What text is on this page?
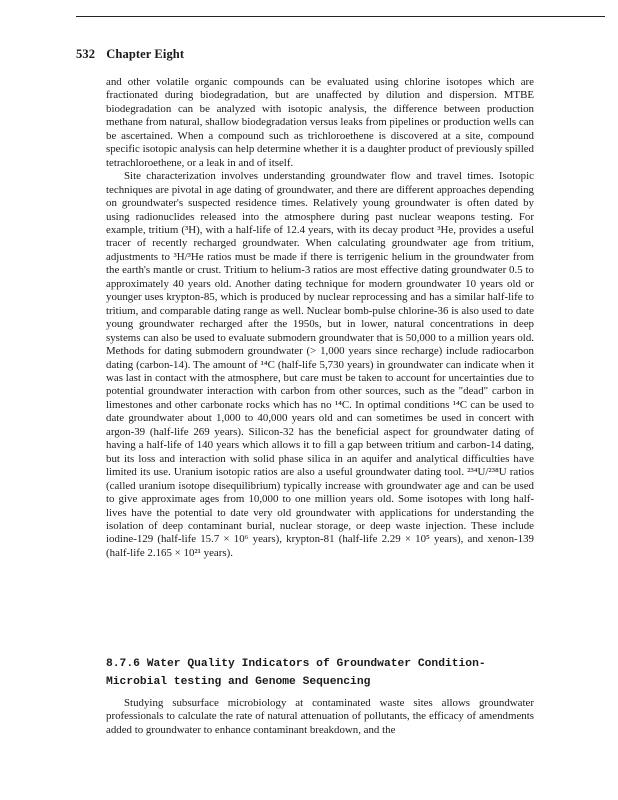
532 Chapter Eight

and other volatile organic compounds can be evaluated using chlorine isotopes which are fractionated during biodegradation, but are unaffected by dilution and dispersion. MTBE biodegradation can be analyzed with isotopic analysis, the difference between production methane from natural, shallow biodegradation versus leaks from pipelines or production wells can be ascertained. When a compound such as trichloroethene is discovered at a site, compound specific isotopic analysis can help determine whether it is a daughter product of previously spilled tetrachloroethene, or a leak in and of itself.

Site characterization involves understanding groundwater flow and travel times. Isotopic techniques are pivotal in age dating of groundwater, and there are different approaches depending on groundwater's suspected residence times. Relatively young groundwater is often dated by using radionuclides released into the atmosphere during past nuclear weapons testing. For example, tritium (³H), with a half-life of 12.4 years, with its decay product ³He, provides a useful tracer of recently recharged groundwater. When calculating groundwater age from tritium, adjustments to ³H/³He ratios must be made if there is terrigenic helium in the groundwater from the earth's mantle or crust. Tritium to helium-3 ratios are most effective dating groundwater 0.5 to approximately 40 years old. Another dating technique for modern groundwater 10 years old or younger uses krypton-85, which is produced by nuclear reprocessing and has a similar half-life to tritium, and comparable dating range as well. Nuclear bomb-pulse chlorine-36 is also used to date young groundwater recharged after the 1950s, but in lower, natural concentrations in deep systems can also be used to evaluate submodern groundwater that is 50,000 to a million years old. Methods for dating submodern groundwater (> 1,000 years since recharge) include radiocarbon dating (carbon-14). The amount of ¹⁴C (half-life 5,730 years) in groundwater can indicate when it was last in contact with the atmosphere, but care must be taken to account for uncertainties due to potential groundwater interaction with carbon from other sources, such as the "dead" carbon in limestones and other carbonate rocks which has no ¹⁴C. In optimal conditions ¹⁴C can be used to date groundwater about 1,000 to 40,000 years old and can sometimes be used in concert with argon-39 (half-life 269 years). Silicon-32 has the beneficial aspect for groundwater dating of having a half-life of 140 years which allows it to fill a gap between tritium and carbon-14 dating, but its loss and interaction with solid phase silica in an aquifer and analytical difficulties have limited its use. Uranium isotopic ratios are also a useful groundwater dating tool. ²³⁴U/²³⁸U ratios (called uranium isotope disequilibrium) typically increase with groundwater age and can be used to give approximate ages from 10,000 to one million years old. Some isotopes with long half-lives have the potential to date very old groundwater with applications for understanding the isolation of deep contaminant burial, nuclear storage, or deep waste injection. These include iodine-129 (half-life 15.7 × 10⁶ years), krypton-81 (half-life 2.29 × 10⁵ years), and xenon-139 (half-life 2.165 × 10²¹ years).

8.7.6 Water Quality Indicators of Groundwater Condition-Microbial testing and Genome Sequencing

Studying subsurface microbiology at contaminated waste sites allows groundwater professionals to calculate the rate of natural attenuation of pollutants, the efficacy of amendments added to groundwater to enhance contaminant breakdown, and the
